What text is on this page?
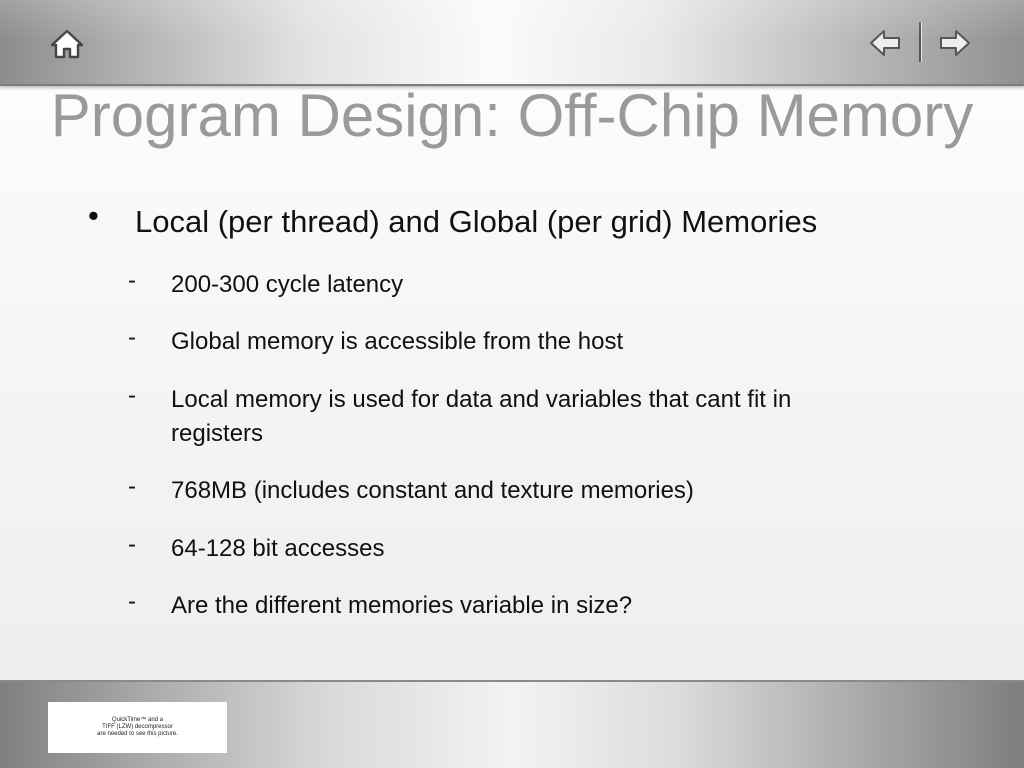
Program Design: Off-Chip Memory
• Local (per thread) and Global (per grid) Memories
- 200-300 cycle latency
- Global memory is accessible from the host
- Local memory is used for data and variables that cant fit in registers
- 768MB (includes constant and texture memories)
- 64-128 bit accesses
- Are the different memories variable in size?
QuickTime™ and a
TIFF (LZW) decompressor
are needed to see this picture.
